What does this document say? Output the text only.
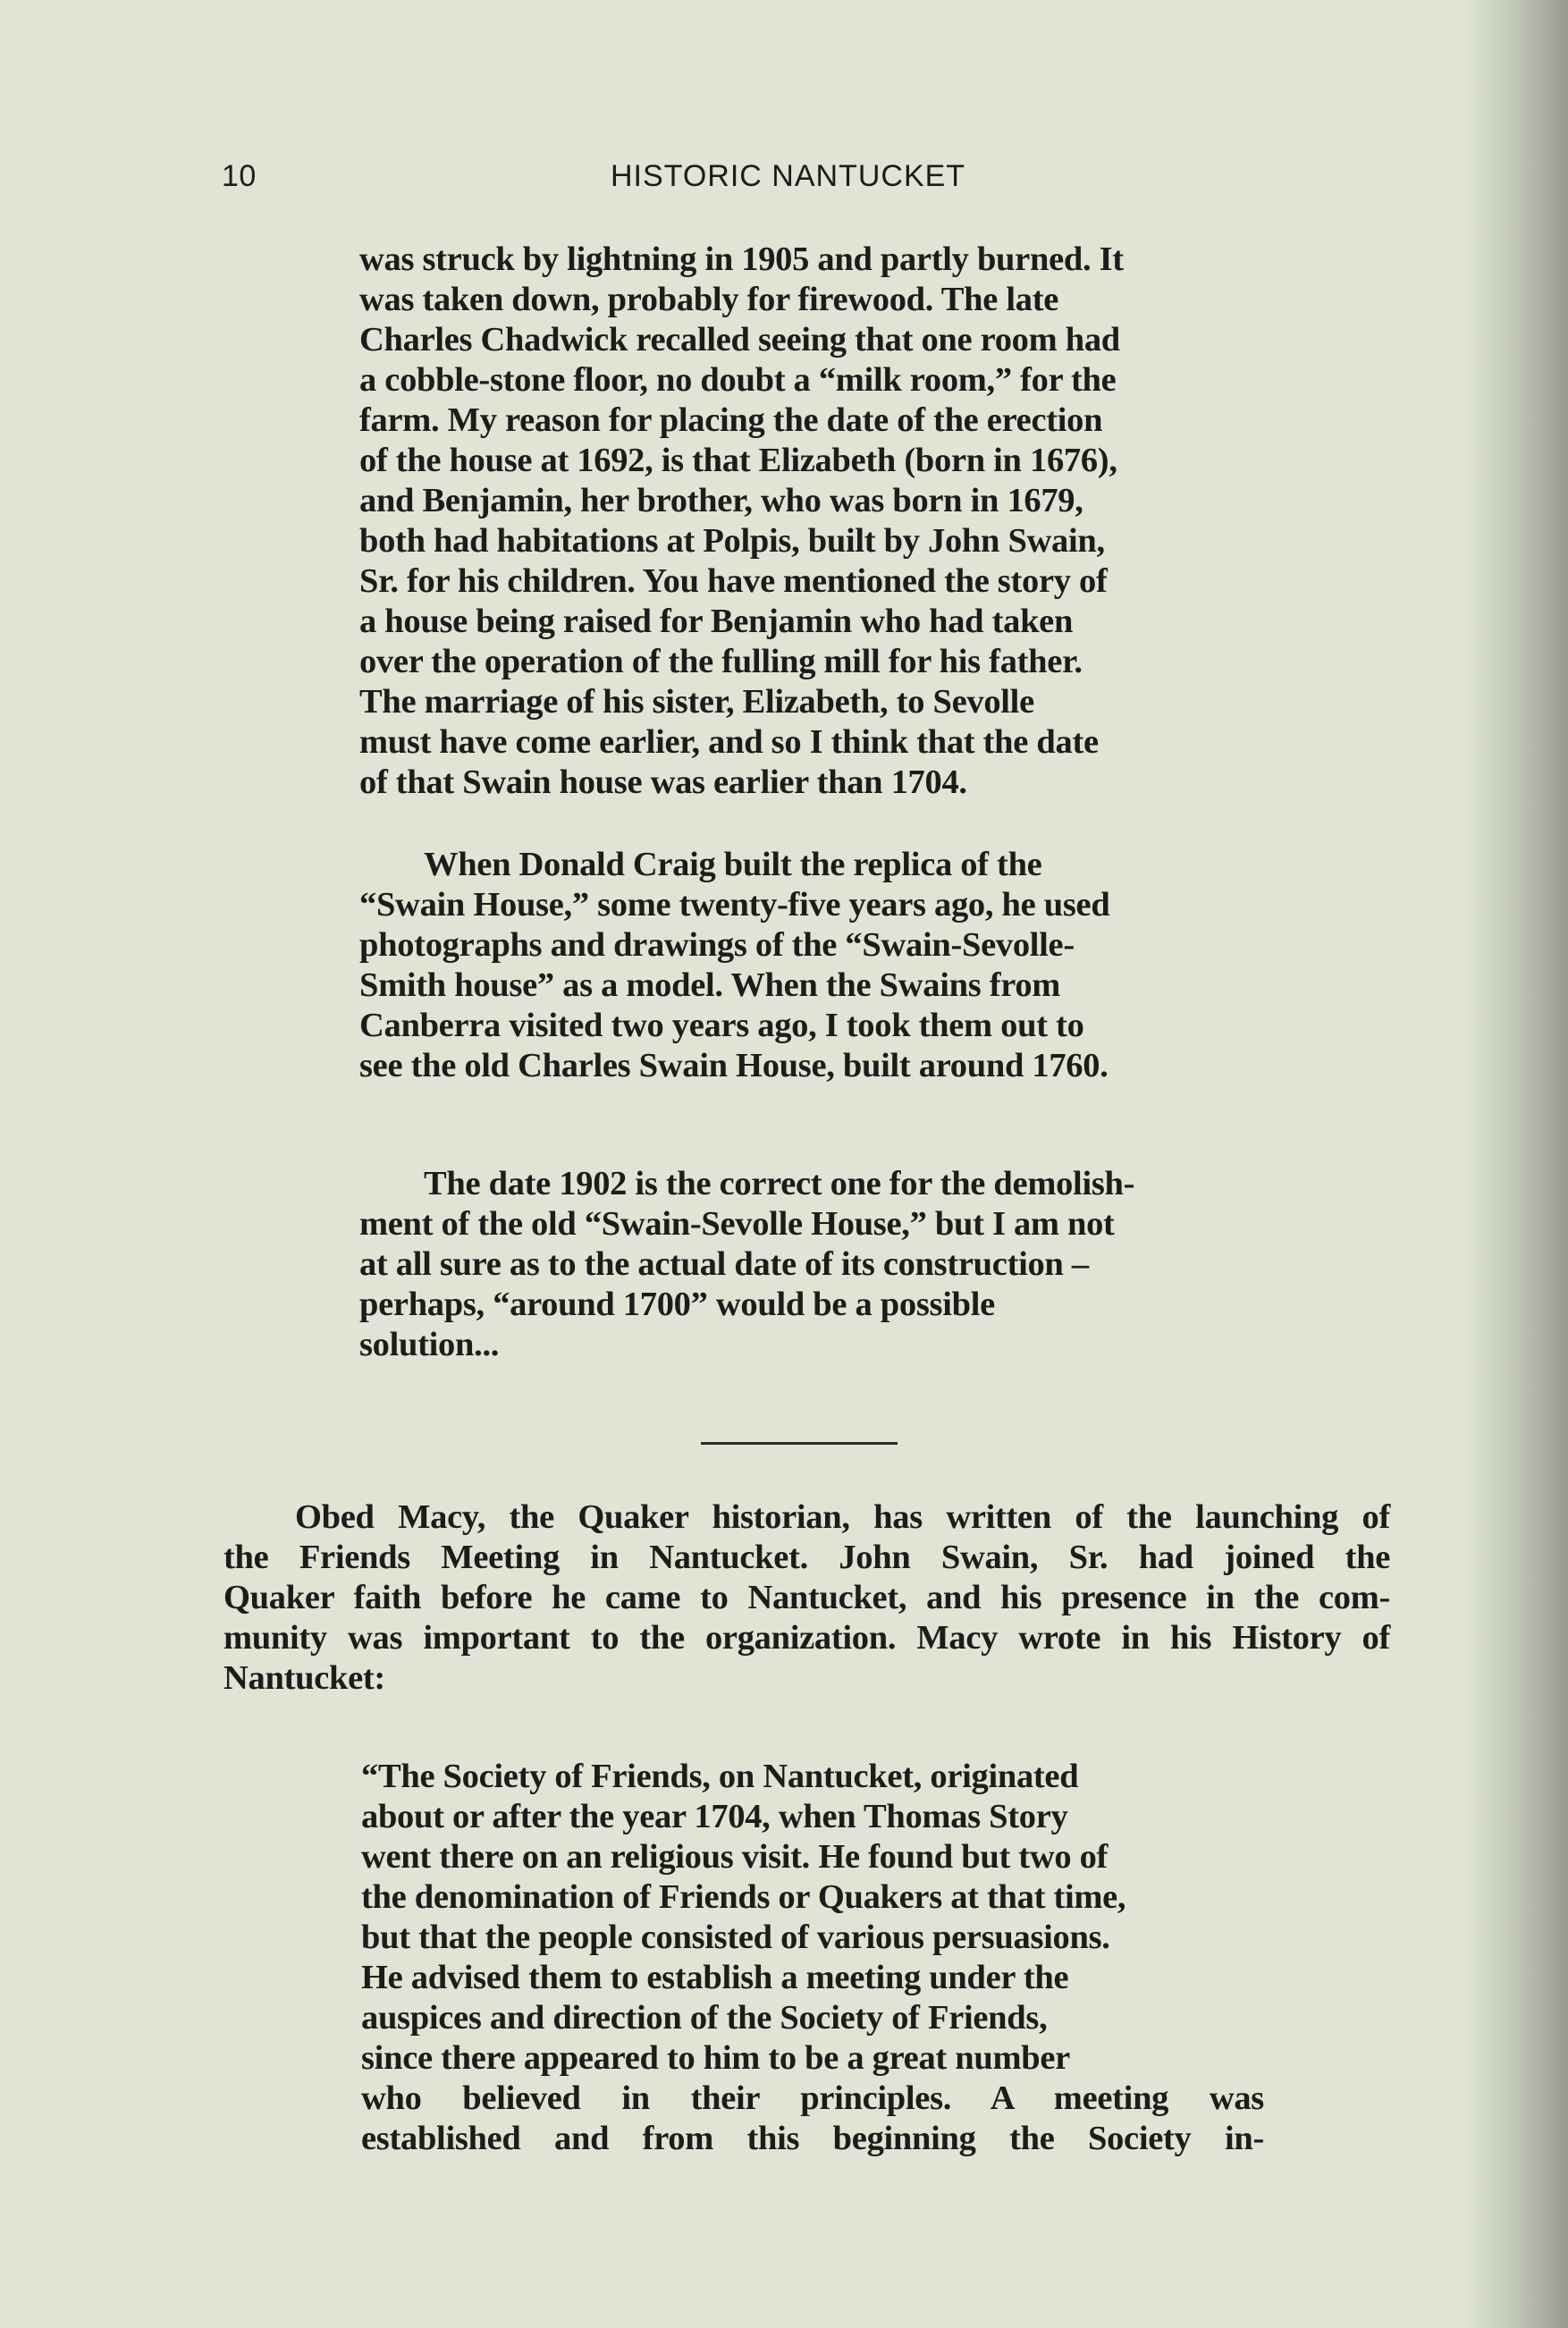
10	HISTORIC NANTUCKET
was struck by lightning in 1905 and partly burned. It
was taken down, probably for firewood. The late
Charles Chadwick recalled seeing that one room had
a cobble-stone floor, no doubt a “milk room,” for the
farm. My reason for placing the date of the erection
of the house at 1692, is that Elizabeth (born in 1676),
and Benjamin, her brother, who was born in 1679,
both had habitations at Polpis, built by John Swain,
Sr. for his children. You have mentioned the story of
a house being raised for Benjamin who had taken
over the operation of the fulling mill for his father.
The marriage of his sister, Elizabeth, to Sevolle
must have come earlier, and so I think that the date
of that Swain house was earlier than 1704.
When Donald Craig built the replica of the
“Swain House,” some twenty-five years ago, he used
photographs and drawings of the “Swain-Sevolle-
Smith house” as a model. When the Swains from
Canberra visited two years ago, I took them out to
see the old Charles Swain House, built around 1760.
The date 1902 is the correct one for the demolish-
ment of the old “Swain-Sevolle House,” but I am not
at all sure as to the actual date of its construction –
perhaps, “around 1700” would be a possible
solution...
Obed Macy, the Quaker historian, has written of the launching of
the Friends Meeting in Nantucket. John Swain, Sr. had joined the
Quaker faith before he came to Nantucket, and his presence in the com-
munity was important to the organization. Macy wrote in his History of
Nantucket:
“The Society of Friends, on Nantucket, originated
about or after the year 1704, when Thomas Story
went there on an religious visit. He found but two of
the denomination of Friends or Quakers at that time,
but that the people consisted of various persuasions.
He advised them to establish a meeting under the
auspices and direction of the Society of Friends,
since there appeared to him to be a great number
who believed in their principles. A meeting was
established and from this beginning the Society in-
